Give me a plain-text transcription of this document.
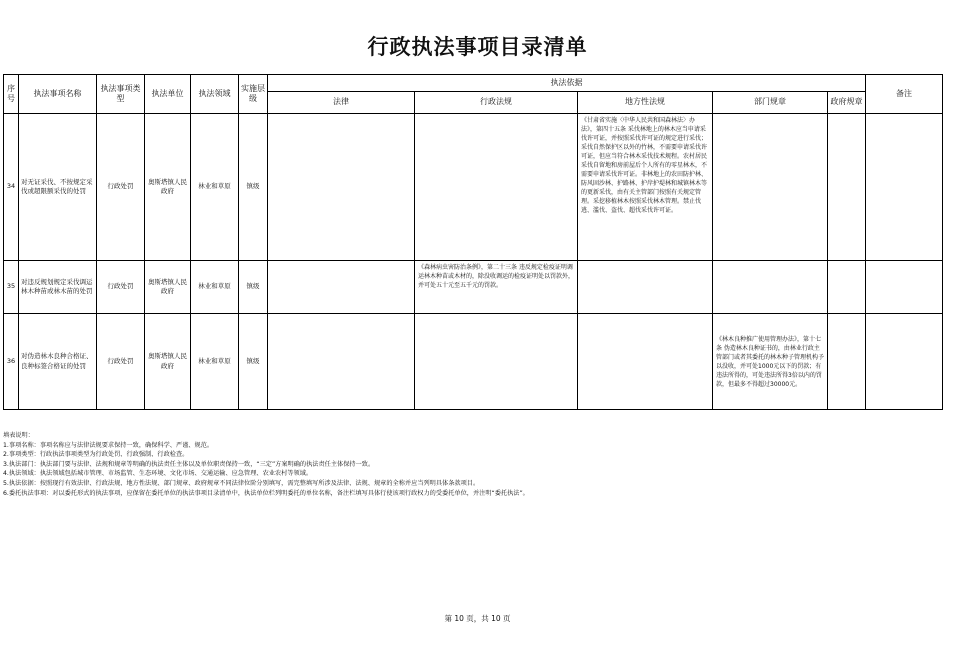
行政执法事项目录清单
序号	执法事项名称	执法事项类型	执法单位	执法领域	实施层级	执法依据					备注
						法律	行政法规	地方性法规	部门规章	政府规章	
34	对无证采伐、不按规定采伐或超限额采伐的处罚	行政处罚	奥斯塔镇人民政府	林业和草原	镇级			《甘肃省实施〈中华人民共和国森林法〉办法》，第四十五条 采伐林地上的林木应当申请采伐许可证，并按照采伐许可证的规定进行采伐；采伐自然保护区以外的竹林，不需要申请采伐许可证，但应当符合林木采伐技术规程。农村居民采伐自留地和房前屋后个人所有的零星林木，不需要申请采伐许可证。非林地上的农田防护林、防风固沙林、护路林、护岸护堤林和城镇林木等的更新采伐，由有关主管部门按照有关规定管理。采挖移植林木按照采伐林木管理。禁止伐逃、滥伐、盗伐、超伐采伐许可证。			
35	对违反规划规定采伐调运林木种苗或林木苗的处罚	行政处罚	奥斯塔镇人民政府	林业和草原	镇级		《森林病虫害防治条例》，第二十三条 违反规定检疫证明调运林木种苗或木材的，除没收调运的检疫证明处以罚款外，并可处五十元至五千元的罚款。				
36	对伪造林木良种合格证、良种标签合格证的处罚	行政处罚	奥斯塔镇人民政府	林业和草原	镇级				《林木良种推广使用管理办法》，第十七条 伪造林木良种证书的，由林业行政主管部门或者其委托的林木种子管理机构予以没收，并可处1000元以下的罚款；有违法所得的，可处违法所得3倍以内的罚款，但最多不得超过30000元。		
填表说明：
1.事项名称：事项名称应与法律法规要求保持一致，确保科学、严谨、规范。
2.事项类型：行政执法事项类型为行政处罚、行政强制、行政检查。
3.执法部门：执法部门要与法律、法规和规章等明确的执法责任主体以及单位职责保持一致，“三定”方案明确的执法责任主体保持一致。
4.执法领域：执法领域包括城市管理、市场监管、生态环境、文化市场、交通运输、应急管理、农业农村等领域。
5.执法依据：按照现行有效法律、行政法规、地方性法规、部门规章、政府规章不同法律位阶分别填写，需完整填写所涉及法律、法规、规章的全称并应当列明具体条款项目。
6.委托执法事项：对以委托形式的执法事项，应保留在委托单位的执法事项目录清单中，执法单位栏列明委托的单位名称，备注栏填写具体行使该项行政权力的受委托单位，并注明“委托执法”。
第 10 页，共 10 页
